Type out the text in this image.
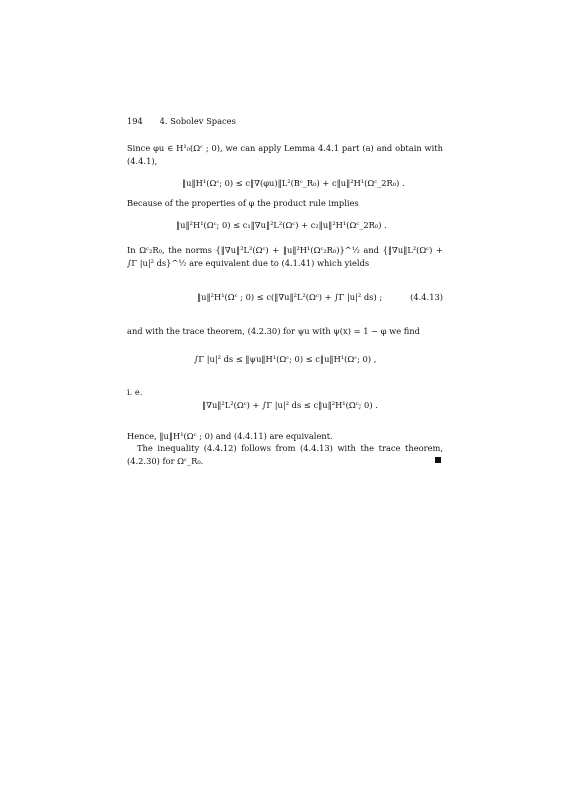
194 4. Sobolev Spaces
Since φu ∈ H¹₀(Ωᶜ ; 0), we can apply Lemma 4.4.1 part (a) and obtain with (4.4.1),
‖u‖H¹(Ωᶜ; 0) ≤ c‖∇(φu)‖L²(Bᶜ_R₀) + c‖u‖²H¹(Ωᶜ_2R₀) .
Because of the properties of φ the product rule implies
‖u‖²H¹(Ωᶜ; 0) ≤ c₁‖∇u‖²L²(Ωᶜ) + c₂‖u‖²H¹(Ωᶜ_2R₀) .
In Ωᶜ₂R₀, the norms {‖∇u‖²L²(Ωᶜ) + ‖u‖²H¹(Ωᶜ₂R₀)}^½ and {‖∇u‖L²(Ωᶜ) + ∫Γ |u|² ds}^½ are equivalent due to (4.1.41) which yields
‖u‖²H¹(Ωᶜ ; 0) ≤ c(‖∇u‖²L²(Ωᶜ) + ∫Γ |u|² ds) ;	(4.4.13)
and with the trace theorem, (4.2.30) for ψu with ψ(x) = 1 − φ we find
∫Γ |u|² ds ≤ ‖ψu‖H¹(Ωᶜ; 0) ≤ c‖u‖H¹(Ωᶜ; 0) ,
i. e.
‖∇u‖²L²(Ωᶜ) + ∫Γ |u|² ds ≤ c‖u‖²H¹(Ωᶜ; 0) .
Hence, ‖u‖H¹(Ωᶜ ; 0) and (4.4.11) are equivalent.
The inequality (4.4.12) follows from (4.4.13) with the trace theorem, (4.2.30) for Ωᶜ_R₀.
